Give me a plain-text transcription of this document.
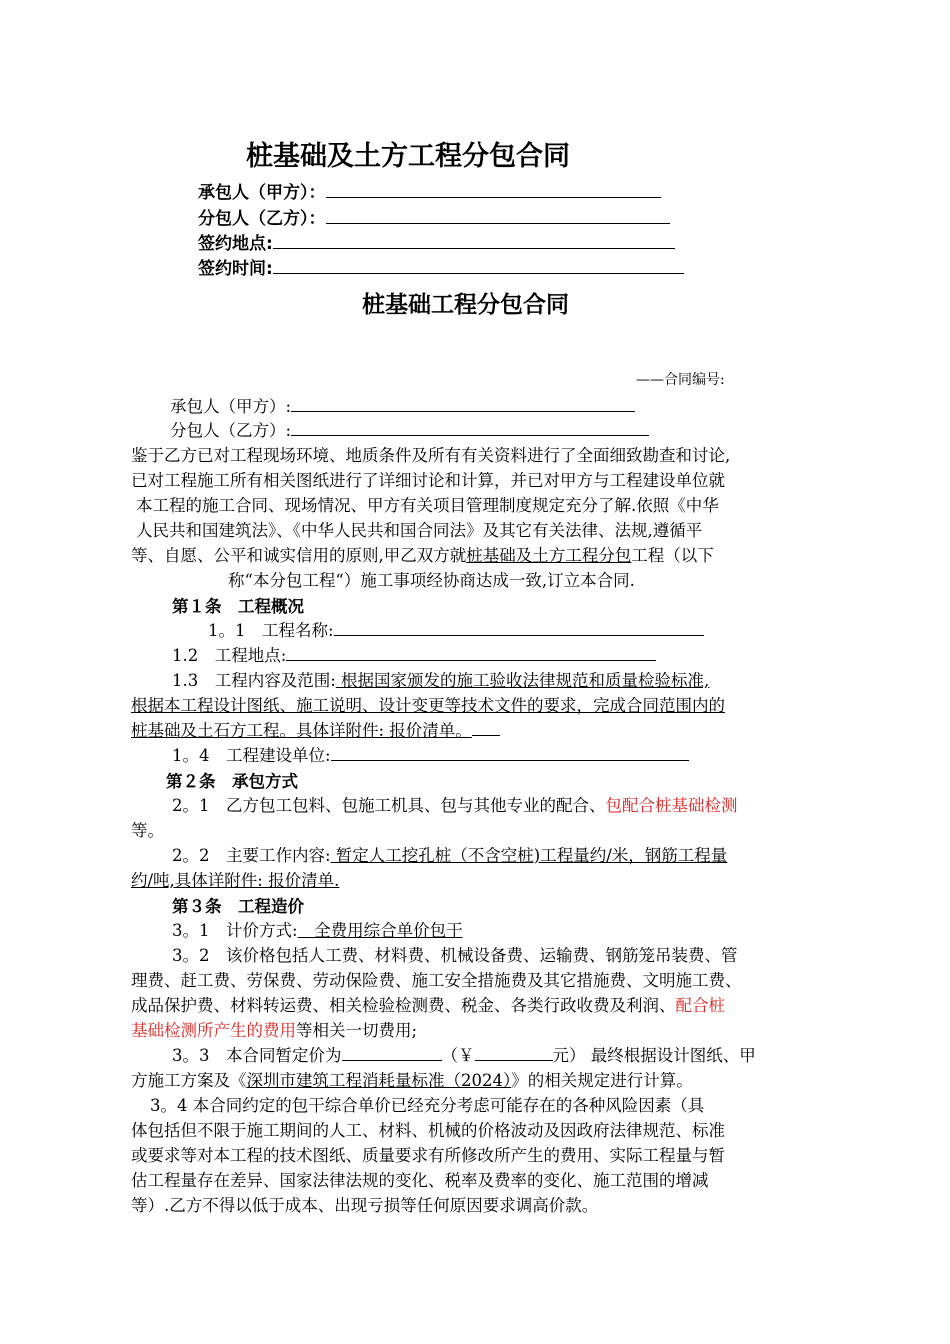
桩基础及土方工程分包合同
承包人（甲方）：
分包人（乙方）：
签约地点:
签约时间:
桩基础工程分包合同
——合同编号:
承包人（甲方）:
分包人（乙方）:
鉴于乙方已对工程现场环境、地质条件及所有有关资料进行了全面细致勘查和讨论,
已对工程施工所有相关图纸进行了详细讨论和计算，并已对甲方与工程建设单位就
本工程的施工合同、现场情况、甲方有关项目管理制度规定充分了解.依照《中华
人民共和国建筑法》、《中华人民共和国合同法》及其它有关法律、法规,遵循平
等、自愿、公平和诚实信用的原则,甲乙双方就桩基础及土方工程分包工程（以下
称“本分包工程“）施工事项经协商达成一致,订立本合同.
第１条　工程概况
1。1　工程名称:
1.2　工程地点:
1.3　工程内容及范围: 根据国家颁发的施工验收法律规范和质量检验标准,
根据本工程设计图纸、施工说明、设计变更等技术文件的要求，完成合同范围内的
桩基础及土石方工程。具体详附件: 报价清单。
1。4　工程建设单位:
第２条　承包方式
2。1　乙方包工包料、包施工机具、包与其他专业的配合、包配合桩基础检测
等。
2。2　主要工作内容: 暂定人工挖孔桩（不含空桩)工程量约/米，钢筋工程量
约/吨,具体详附件: 报价清单.
第３条　工程造价
3。1　计价方式:　全费用综合单价包干
3。2　该价格包括人工费、材料费、机械设备费、运输费、钢筋笼吊装费、管
理费、赶工费、劳保费、劳动保险费、施工安全措施费及其它措施费、文明施工费、
成品保护费、材料转运费、相关检验检测费、税金、各类行政收费及利润、配合桩
基础检测所产生的费用等相关一切费用;
3。3　本合同暂定价为	（￥	元） 最终根据设计图纸、甲
方施工方案及《深圳市建筑工程消耗量标准（2024）》的相关规定进行计算。
3。4 本合同约定的包干综合单价已经充分考虑可能存在的各种风险因素（具
体包括但不限于施工期间的人工、材料、机械的价格波动及因政府法律规范、标准
或要求等对本工程的技术图纸、质量要求有所修改所产生的费用、实际工程量与暂
估工程量存在差异、国家法律法规的变化、税率及费率的变化、施工范围的增减
等）.乙方不得以低于成本、出现亏损等任何原因要求调高价款。
